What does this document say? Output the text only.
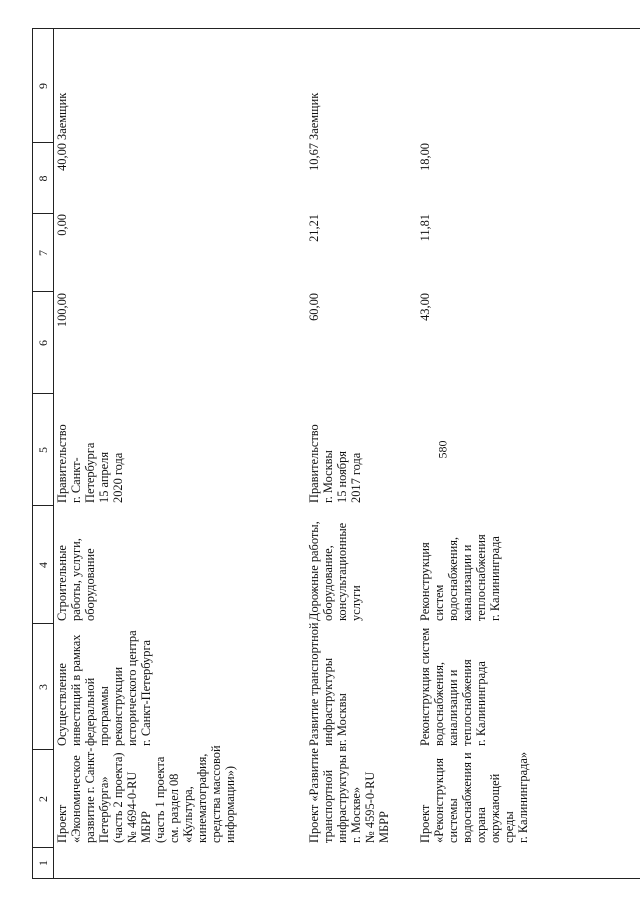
580
1
2
3
4
5
6
7
8
9
Проект
«Экономическое
развитие г. Санкт-
Петербурга»
(часть 2 проекта)
№ 4694-0-RU
МБРР
(часть 1 проекта
см. раздел 08
«Культура,
кинематография,
средства массовой
информации»)
Осуществление
инвестиций в рамках
федеральной программы
реконструкции
исторического центра
г. Санкт-Петербурга
Строительные
работы, услуги,
оборудование
Правительство
г. Санкт-
Петербурга
15 апреля
2020 года
100,00
0,00
40,00
Заемщик
Проект «Развитие
транспортной
инфраструктуры в
г. Москве»
№ 4595-0-RU
МБРР
Развитие транспортной
инфраструктуры
г. Москвы
Дорожные работы,
оборудование,
консультационные
услуги
Правительство
г. Москвы
15 ноября
2017 года
60,00
21,21
10,67
Заемщик
Проект
«Реконструкция
системы
водоснабжения и
охрана
окружающей
среды
г. Калининграда»
Реконструкция систем
водоснабжения,
канализации и
теплоснабжения
г. Калининграда
Реконструкция
систем
водоснабжения,
канализации и
теплоснабжения
г. Калининграда
43,00
11,81
18,00
